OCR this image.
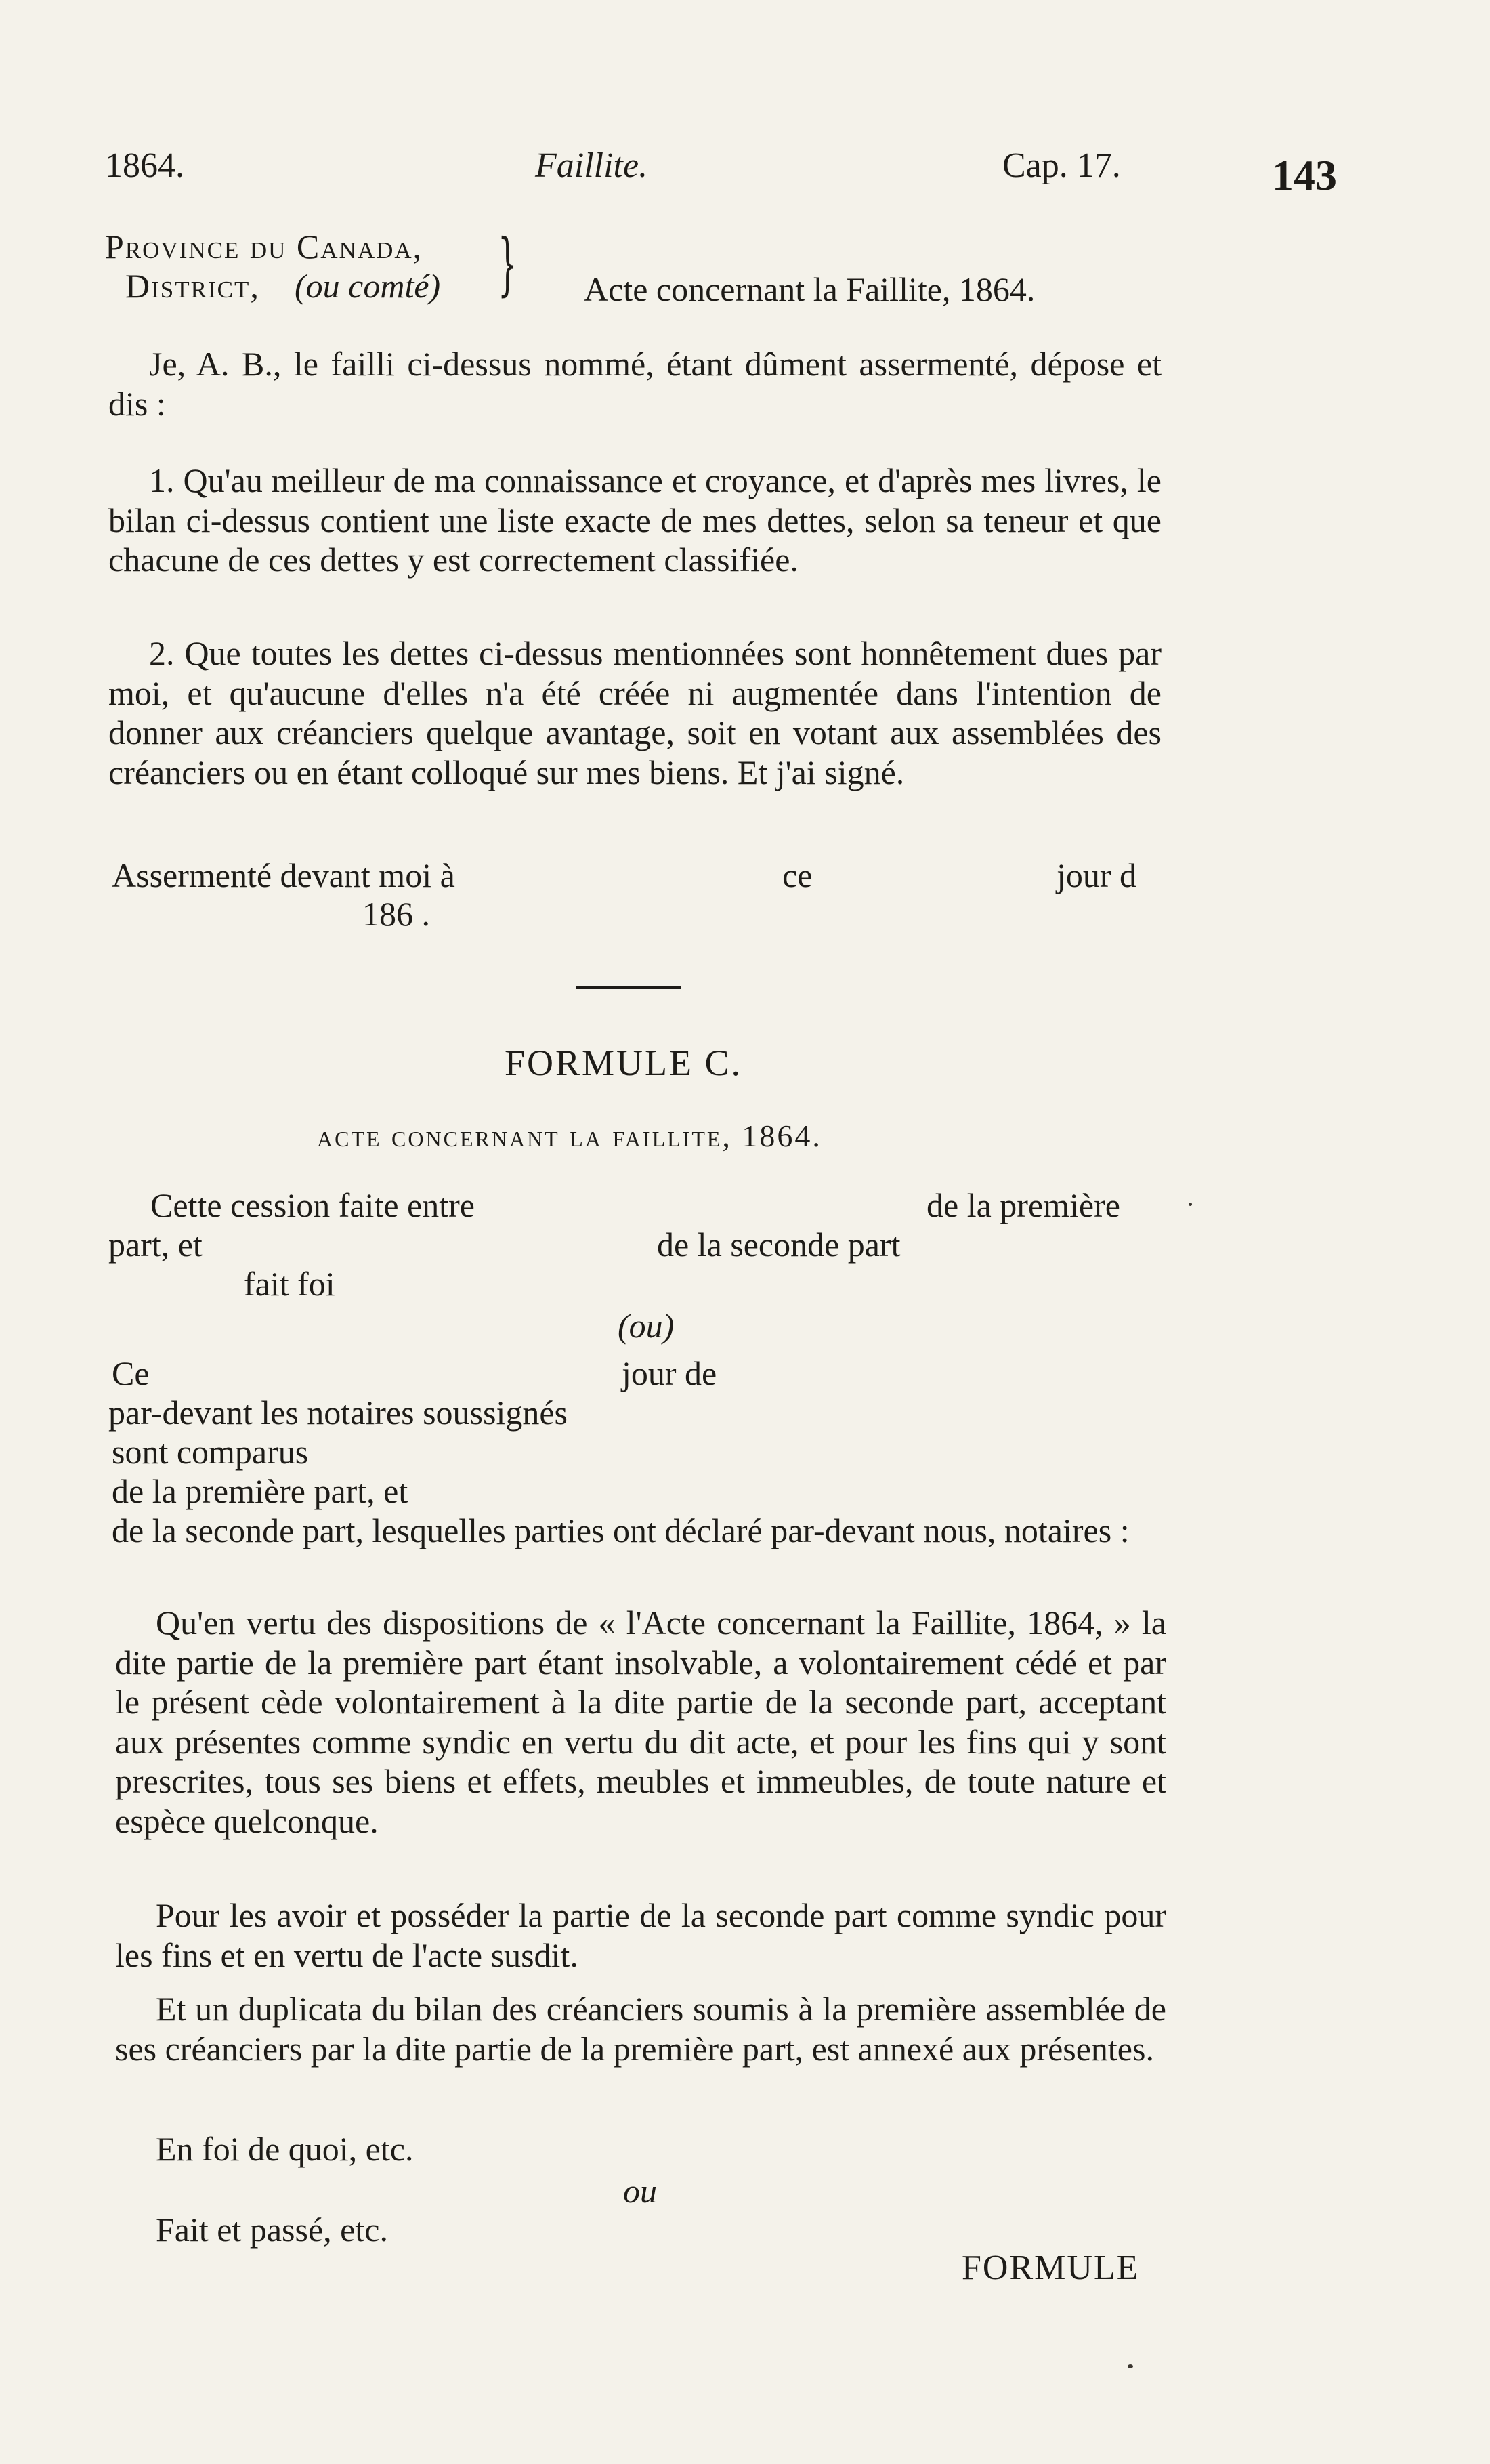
1864.	Faillite.	Cap. 17.	143
Province du Canada,
District, (ou comté) } Acte concernant la Faillite, 1864.

Je, A. B., le failli ci-dessus nommé, étant dûment assermenté, dépose et dis :

1. Qu'au meilleur de ma connaissance et croyance, et d'après mes livres, le bilan ci-dessus contient une liste exacte de mes dettes, selon sa teneur et que chacune de ces dettes y est correctement classifiée.

2. Que toutes les dettes ci-dessus mentionnées sont honnêtement dues par moi, et qu'aucune d'elles n'a été créée ni augmentée dans l'intention de donner aux créanciers quelque avantage, soit en votant aux assemblées des créanciers ou en étant colloqué sur mes biens. Et j'ai signé.

Assermenté devant moi à	ce	jour d
186 .
FORMULE C.
acte concernant la faillite, 1864.
Cette cession faite entre	de la première
part, et	de la seconde part
fait foi
(ou)
Ce	jour de
par-devant les notaires soussignés
sont comparus
de la première part, et

de la seconde part, lesquelles parties ont déclaré par-devant nous, notaires :

Qu'en vertu des dispositions de « l'Acte concernant la Faillite, 1864, » la dite partie de la première part étant insolvable, a volontairement cédé et par le présent cède volontairement à la dite partie de la seconde part, acceptant aux présentes comme syndic en vertu du dit acte, et pour les fins qui y sont prescrites, tous ses biens et effets, meubles et immeubles, de toute nature et espèce quelconque.

Pour les avoir et posséder la partie de la seconde part comme syndic pour les fins et en vertu de l'acte susdit.

Et un duplicata du bilan des créanciers soumis à la première assemblée de ses créanciers par la dite partie de la première part, est annexé aux présentes.

En foi de quoi, etc.
ou
Fait et passé, etc.
FORMULE
